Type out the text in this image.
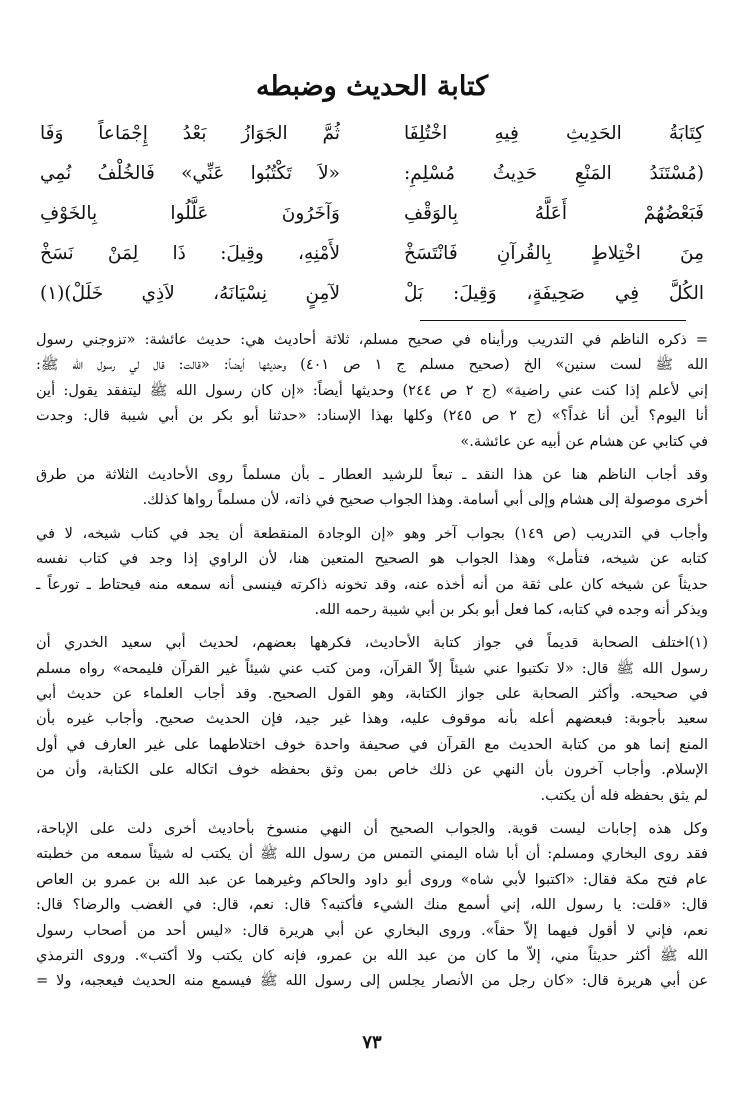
كتابة الحديث وضبطه
كِتَابَةُ الحَدِيثِ فِيهِ اخْتُلِفَا
ثُمَّ الجَوَازُ بَعْدُ إِجْمَاعاً وَفَا
(مُسْتَنَدُ المَنْعِ حَدِيثُ مُسْلِمِ:
«لاَ تَكْتُبُوا عَنِّي» فَالخُلْفُ نُمِي
فَبَعْضُهُمْ أَعَلَّهُ بِالوَقْفِ
وَآخَرُونَ عَلَّلُوا بِالخَوْفِ
مِنَ اخْتِلاطٍ بِالقُرآنِ فَانْتَسَخْ
لأَمْنِهِ، وقِيلَ: ذَا لِمَنْ نَسَخْ
الكُلَّ فِي صَحِيفَةٍ، وَقِيلَ: بَلْ
لآمِنٍ نِسْيَانَهُ، لاَذِي خَلَلْ)(١)
= ذكره الناظم في التدريب ورأيناه في صحيح مسلم، ثلاثة أحاديث هي: حديث عائشة: «تزوجني رسول
الله ﷺ لست سنين» الخ (صحيح مسلم ج ١ ص ٤٠١) وحديثها أيضاً: «قالت: قال لي رسول الله ﷺ:
إني لأعلم إذا كنت عني راضية» (ج ٢ ص ٢٤٤) وحديثها أيضاً: «إن كان رسول الله ﷺ ليتفقد يقول: أين
أنا اليوم؟ أين أنا غداً؟» (ج ٢ ص ٢٤٥) وكلها بهذا الإسناد: «حدثنا أبو بكر بن أبي شيبة قال: وجدت
في كتابي عن هشام عن أبيه عن عائشة.»
وقد أجاب الناظم هنا عن هذا النقد ـ تبعاً للرشيد العطار ـ بأن مسلماً روى الأحاديث الثلاثة من طرق
أخرى موصولة إلى هشام وإلى أبي أسامة. وهذا الجواب صحيح في ذاته، لأن مسلماً رواها كذلك.
وأجاب في التدريب (ص ١٤٩) بجواب آخر وهو «إن الوجادة المنقطعة أن يجد في كتاب شيخه، لا في
كتابه عن شيخه، فتأمل» وهذا الجواب هو الصحيح المتعين هنا، لأن الراوي إذا وجد في كتاب نفسه
حديثاً عن شيخه كان على ثقة من أنه أخذه عنه، وقد تخونه ذاكرته فينسى أنه سمعه منه فيحتاط ـ تورعاً ـ
ويذكر أنه وجده في كتابه، كما فعل أبو بكر بن أبي شيبة رحمه الله.
(١)اختلف الصحابة قديماً في جواز كتابة الأحاديث، فكرهها بعضهم، لحديث أبي سعيد الخدري أن
رسول الله ﷺ قال: «لا تكتبوا عني شيئاً إلاّ القرآن، ومن كتب عني شيئاً غير القرآن فليمحه» رواه مسلم
في صحيحه. وأكثر الصحابة على جواز الكتابة، وهو القول الصحيح. وقد أجاب العلماء عن حديث أبي
سعيد بأجوبة: فبعضهم أعله بأنه موقوف عليه، وهذا غير جيد، فإن الحديث صحيح. وأجاب غيره بأن
المنع إنما هو من كتابة الحديث مع القرآن في صحيفة واحدة خوف اختلاطهما على غير العارف في أول
الإسلام. وأجاب آخرون بأن النهي عن ذلك خاص بمن وثق بحفظه خوف اتكاله على الكتابة، وأن من
لم يثق بحفظه فله أن يكتب.
وكل هذه إجابات ليست قوية. والجواب الصحيح أن النهي منسوخ بأحاديث أخرى دلت على الإباحة،
فقد روى البخاري ومسلم: أن أبا شاه اليمني التمس من رسول الله ﷺ أن يكتب له شيئاً سمعه من خطبته
عام فتح مكة فقال: «اكتبوا لأبي شاه» وروى أبو داود والحاكم وغيرهما عن عبد الله بن عمرو بن العاص
قال: «قلت: يا رسول الله، إني أسمع منك الشيء فأكتبه؟ قال: نعم، قال: في الغضب والرضا؟ قال:
نعم، فإني لا أقول فيهما إلاّ حقاً». وروى البخاري عن أبي هريرة قال: «ليس أحد من أصحاب رسول
الله ﷺ أكثر حديثاً مني، إلاّ ما كان من عبد الله بن عمرو، فإنه كان يكتب ولا أكتب». وروى الترمذي
عن أبي هريرة قال: «كان رجل من الأنصار يجلس إلى رسول الله ﷺ فيسمع منه الحديث فيعجبه، ولا =
٧٣
